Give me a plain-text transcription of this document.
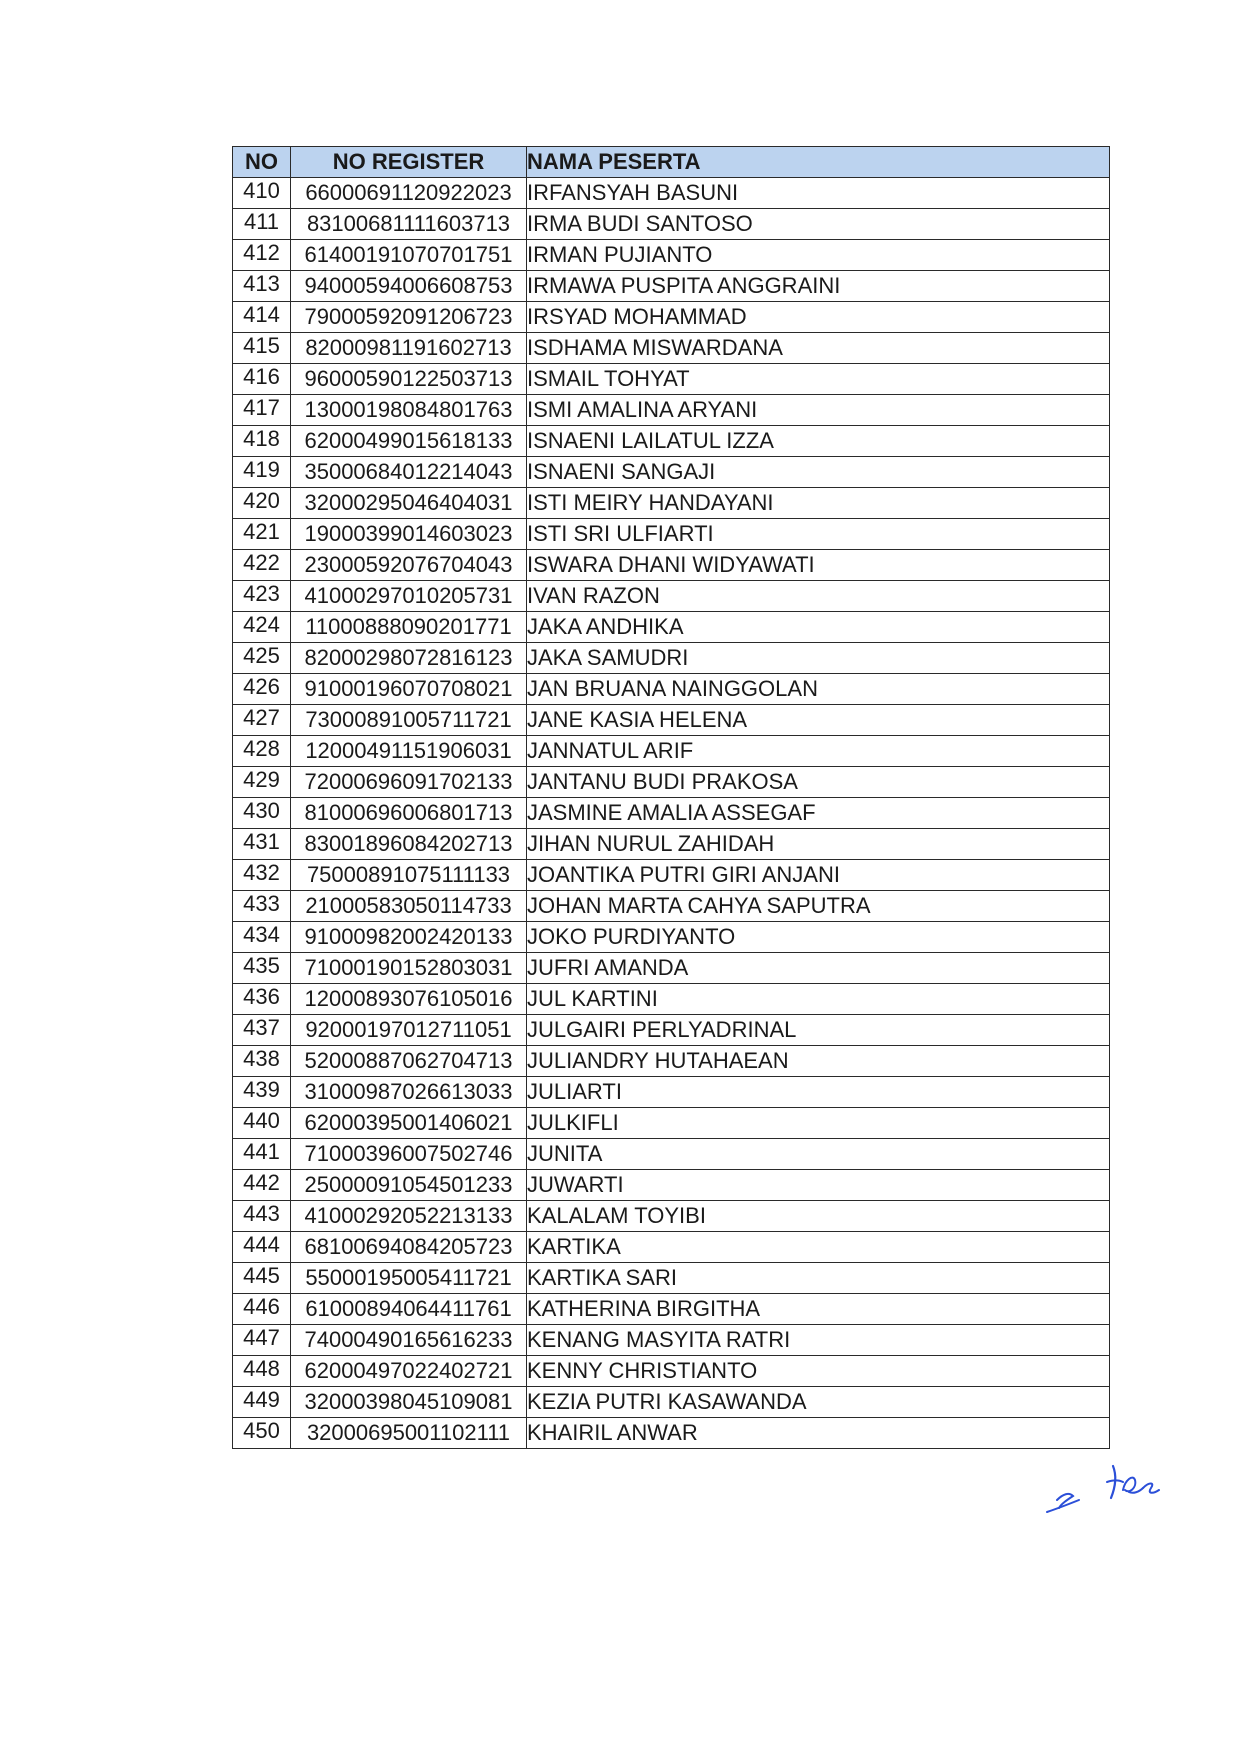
NO	NO REGISTER	NAMA PESERTA
410	66000691120922023	IRFANSYAH BASUNI
411	83100681111603713	IRMA BUDI SANTOSO
412	61400191070701751	IRMAN PUJIANTO
413	94000594006608753	IRMAWA PUSPITA ANGGRAINI
414	79000592091206723	IRSYAD MOHAMMAD
415	82000981191602713	ISDHAMA MISWARDANA
416	96000590122503713	ISMAIL TOHYAT
417	13000198084801763	ISMI AMALINA ARYANI
418	62000499015618133	ISNAENI LAILATUL IZZA
419	35000684012214043	ISNAENI SANGAJI
420	32000295046404031	ISTI MEIRY HANDAYANI
421	19000399014603023	ISTI SRI ULFIARTI
422	23000592076704043	ISWARA DHANI WIDYAWATI
423	41000297010205731	IVAN RAZON
424	11000888090201771	JAKA ANDHIKA
425	82000298072816123	JAKA SAMUDRI
426	91000196070708021	JAN BRUANA NAINGGOLAN
427	73000891005711721	JANE KASIA HELENA
428	12000491151906031	JANNATUL ARIF
429	72000696091702133	JANTANU BUDI PRAKOSA
430	81000696006801713	JASMINE AMALIA ASSEGAF
431	83001896084202713	JIHAN NURUL ZAHIDAH
432	75000891075111133	JOANTIKA PUTRI GIRI ANJANI
433	21000583050114733	JOHAN MARTA CAHYA SAPUTRA
434	91000982002420133	JOKO PURDIYANTO
435	71000190152803031	JUFRI AMANDA
436	12000893076105016	JUL KARTINI
437	92000197012711051	JULGAIRI PERLYADRINAL
438	52000887062704713	JULIANDRY HUTAHAEAN
439	31000987026613033	JULIARTI
440	62000395001406021	JULKIFLI
441	71000396007502746	JUNITA
442	25000091054501233	JUWARTI
443	41000292052213133	KALALAM TOYIBI
444	68100694084205723	KARTIKA
445	55000195005411721	KARTIKA SARI
446	61000894064411761	KATHERINA BIRGITHA
447	74000490165616233	KENANG MASYITA RATRI
448	62000497022402721	KENNY CHRISTIANTO
449	32000398045109081	KEZIA PUTRI KASAWANDA
450	32000695001102111	KHAIRIL ANWAR
